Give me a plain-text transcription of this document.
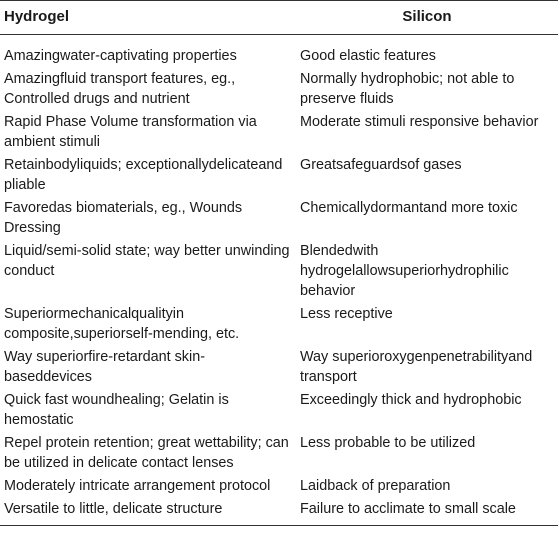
Hydrogel	Silicon
Amazingwater-captivating properties	Good elastic features
Amazingfluid transport features, eg., Controlled drugs and nutrient	Normally hydrophobic; not able to preserve fluids
Rapid Phase Volume transformation via ambient stimuli	Moderate stimuli responsive behavior
Retainbodyliquids; exceptionallydelicateand pliable	Greatsafeguardsof gases
Favoredas biomaterials, eg., Wounds Dressing	Chemicallydormantand more toxic
Liquid/semi-solid state; way better unwinding conduct	Blendedwith hydrogelallowsuperiorhydrophilic behavior
Superiormechanicalqualityin composite,superiorself-mending, etc.	Less receptive
Way superiorfire-retardant skin-baseddevices	Way superioroxygenpenetrabilityand transport
Quick fast woundhealing; Gelatin is hemostatic	Exceedingly thick and hydrophobic
Repel protein retention; great wettability; can be utilized in delicate contact lenses	Less probable to be utilized
Moderately intricate arrangement protocol	Laidback of preparation
Versatile to little, delicate structure	Failure to acclimate to small scale
